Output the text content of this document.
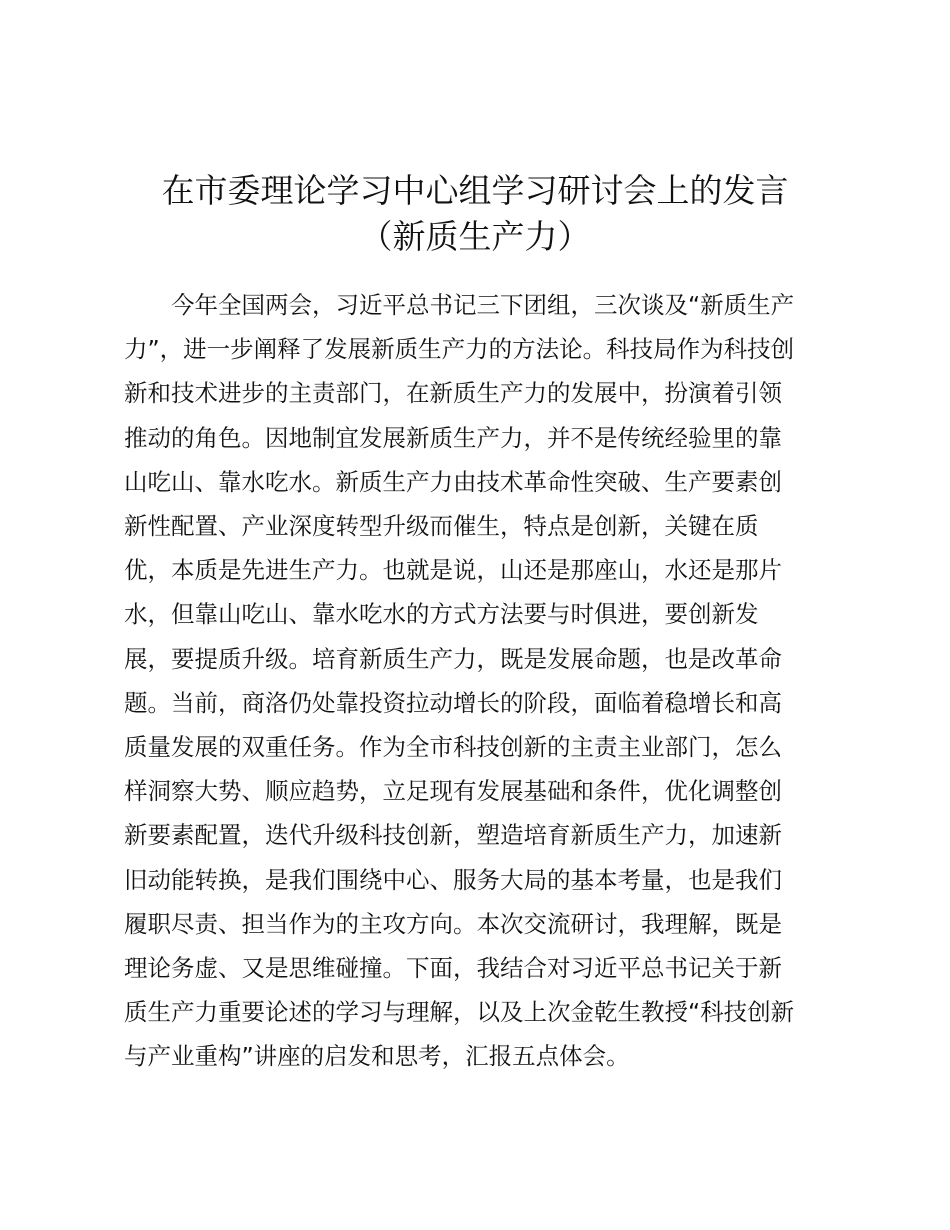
在市委理论学习中心组学习研讨会上的发言
（新质生产力）
今年全国两会，习近平总书记三下团组，三次谈及“新质生产
力”，进一步阐释了发展新质生产力的方法论。科技局作为科技创
新和技术进步的主责部门，在新质生产力的发展中，扮演着引领
推动的角色。因地制宜发展新质生产力，并不是传统经验里的靠
山吃山、靠水吃水。新质生产力由技术革命性突破、生产要素创
新性配置、产业深度转型升级而催生，特点是创新，关键在质
优，本质是先进生产力。也就是说，山还是那座山，水还是那片
水，但靠山吃山、靠水吃水的方式方法要与时俱进，要创新发
展，要提质升级。培育新质生产力，既是发展命题，也是改革命
题。当前，商洛仍处靠投资拉动增长的阶段，面临着稳增长和高
质量发展的双重任务。作为全市科技创新的主责主业部门，怎么
样洞察大势、顺应趋势，立足现有发展基础和条件，优化调整创
新要素配置，迭代升级科技创新，塑造培育新质生产力，加速新
旧动能转换，是我们围绕中心、服务大局的基本考量，也是我们
履职尽责、担当作为的主攻方向。本次交流研讨，我理解，既是
理论务虚、又是思维碰撞。下面，我结合对习近平总书记关于新
质生产力重要论述的学习与理解，以及上次金乾生教授“科技创新
与产业重构”讲座的启发和思考，汇报五点体会。
